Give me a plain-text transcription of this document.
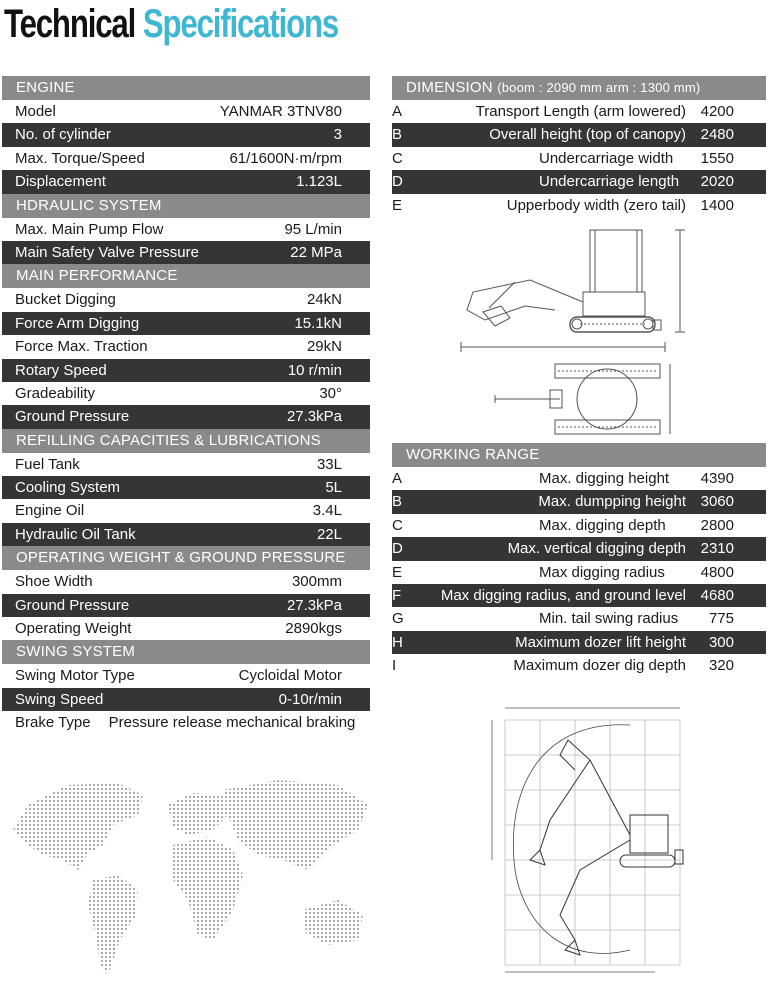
Technical Specifications
ENGINE
Model	YANMAR 3TNV80
No. of cylinder	3
Max. Torque/Speed	61/1600N·m/rpm
Displacement	1.123L
HDRAULIC SYSTEM
Max. Main Pump Flow	95 L/min
Main Safety Valve Pressure	22 MPa
MAIN PERFORMANCE
Bucket Digging	24kN
Force Arm Digging	15.1kN
Force Max. Traction	29kN
Rotary Speed	10 r/min
Gradeability	30°
Ground Pressure	27.3kPa
REFILLING CAPACITIES & LUBRICATIONS
Fuel Tank	33L
Cooling System	5L
Engine Oil	3.4L
Hydraulic Oil Tank	22L
OPERATING WEIGHT & GROUND PRESSURE
Shoe Width	300mm
Ground Pressure	27.3kPa
Operating Weight	2890kgs
SWING SYSTEM
Swing Motor Type	Cycloidal Motor
Swing Speed	0-10r/min
Brake Type	Pressure release mechanical braking
DIMENSION (boom : 2090 mm arm : 1300 mm)
A	Transport Length (arm lowered) 4200
B	Overall height (top of canopy) 2480
C	Undercarriage width	1550
D	Undercarriage length	2020
E	Upperbody width (zero tail) 1400
WORKING RANGE
A	Max. digging height	4390
B	Max. dumpping height 3060
C	Max. digging depth	2800
D	Max. vertical digging depth 2310
E	Max digging radius	4800
F	Max digging radius, and ground level 4680
G	Min. tail swing radius	775
H	Maximum dozer lift height	300
I	Maximum dozer dig depth	320
